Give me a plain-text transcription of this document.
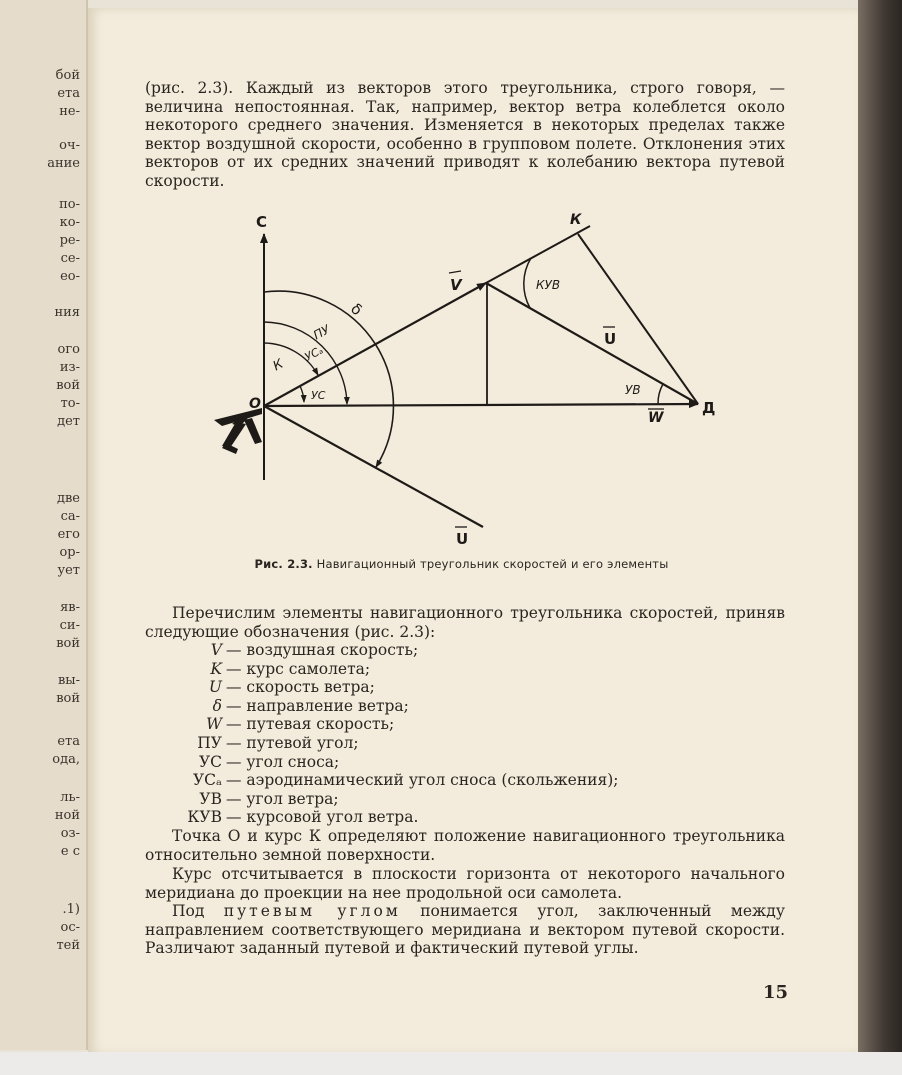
бой
ета
не-
оч-
ание
по-
ко-
ре-
се-
ео-
ния
ого
из-
вой
то-
дет
две
са-
его
ор-
ует
яв-
си-
вой
вы-
вой
ета
ода,
ль-
ной
оз-
е с
.1)
ос-
тей

(рис. 2.3). Каждый из векторов этого треугольника, строго говоря, — величина непостоянная. Так, например, вектор ветра колеблется около некоторого среднего значения. Изменяется в некоторых пределах также вектор воздушной скорости, особенно в групповом полете. Отклонения этих векторов от их средних значений приводят к колебанию вектора путевой скорости.

С
О
К
Д
V
U
U
W
КУВ
УВ
δ
ПУ
УСₐ
К
УС
Рис. 2.3. Навигационный треугольник скоростей и его элементы

Перечислим элементы навигационного треугольника скоростей, приняв следующие обозначения (рис. 2.3):

V — воздушная скорость;
K — курс самолета;
U — скорость ветра;
δ — направление ветра;
W — путевая скорость;
ПУ — путевой угол;
УС — угол сноса;
УСₐ — аэродинамический угол сноса (скольжения);
УВ — угол ветра;
КУВ — курсовой угол ветра.

Точка О и курс К определяют положение навигационного треугольника относительно земной поверхности.

Курс отсчитывается в плоскости горизонта от некоторого начального меридиана до проекции на нее продольной оси самолета.

Под путевым углом понимается угол, заключенный между направлением соответствующего меридиана и вектором путевой скорости. Различают заданный путевой и фактический путевой углы.

15
